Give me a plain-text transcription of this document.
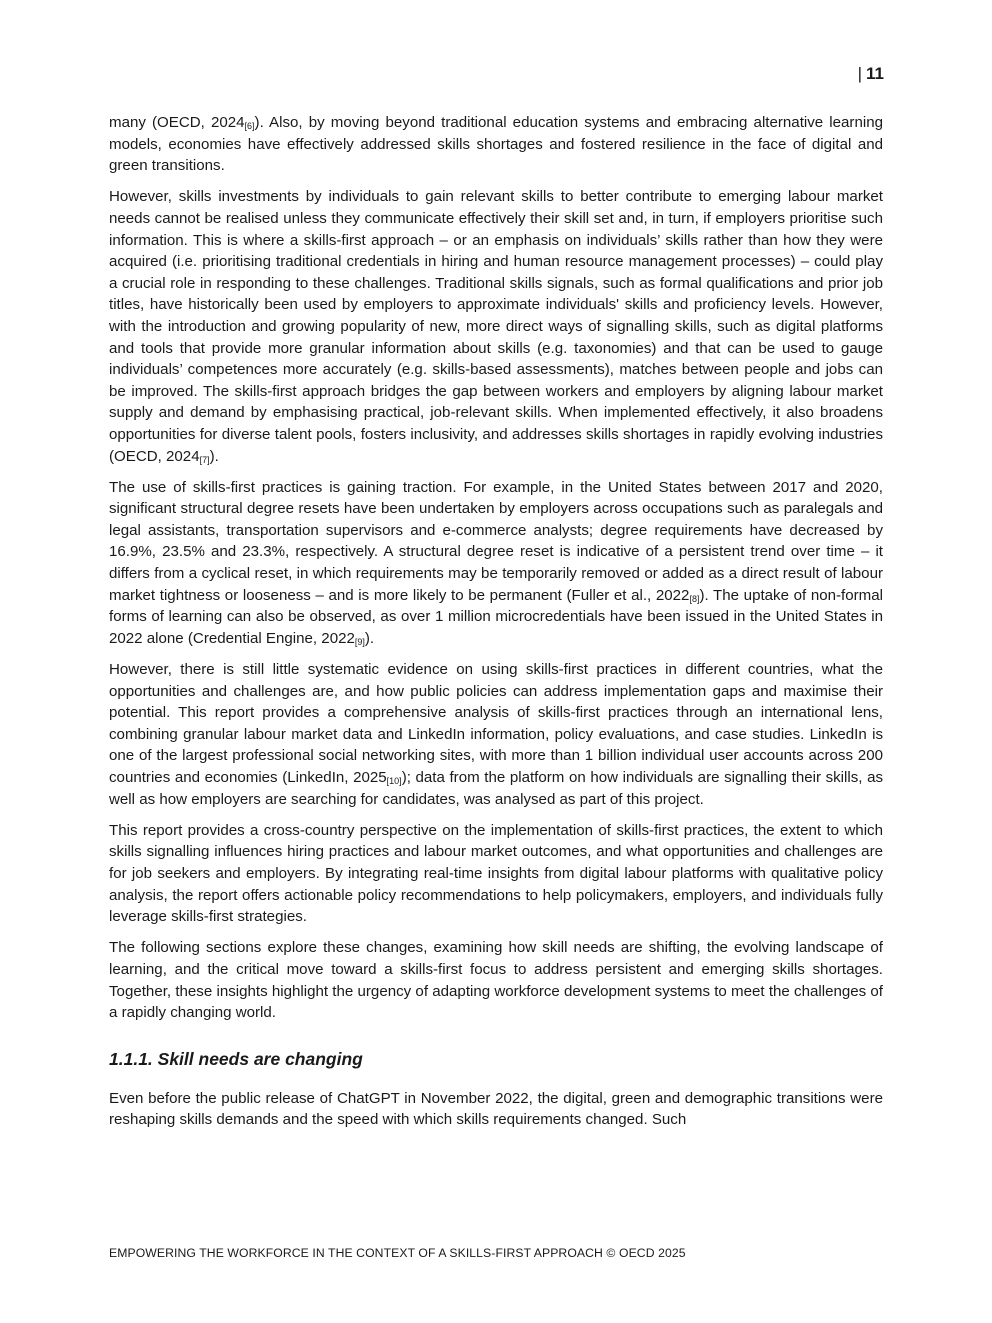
| 11

many (OECD, $2024_{[6]}$). Also, by moving beyond traditional education systems and embracing alternative learning models, economies have effectively addressed skills shortages and fostered resilience in the face of digital and green transitions.

However, skills investments by individuals to gain relevant skills to better contribute to emerging labour market needs cannot be realised unless they communicate effectively their skill set and, in turn, if employers prioritise such information. This is where a skills-first approach – or an emphasis on individuals’ skills rather than how they were acquired (i.e. prioritising traditional credentials in hiring and human resource management processes) – could play a crucial role in responding to these challenges. Traditional skills signals, such as formal qualifications and prior job titles, have historically been used by employers to approximate individuals' skills and proficiency levels. However, with the introduction and growing popularity of new, more direct ways of signalling skills, such as digital platforms and tools that provide more granular information about skills (e.g. taxonomies) and that can be used to gauge individuals’ competences more accurately (e.g. skills-based assessments), matches between people and jobs can be improved. The skills-first approach bridges the gap between workers and employers by aligning labour market supply and demand by emphasising practical, job-relevant skills. When implemented effectively, it also broadens opportunities for diverse talent pools, fosters inclusivity, and addresses skills shortages in rapidly evolving industries (OECD, $2024_{[7]}$).

The use of skills-first practices is gaining traction. For example, in the United States between 2017 and 2020, significant structural degree resets have been undertaken by employers across occupations such as paralegals and legal assistants, transportation supervisors and e-commerce analysts; degree requirements have decreased by 16.9%, 23.5% and 23.3%, respectively. A structural degree reset is indicative of a persistent trend over time – it differs from a cyclical reset, in which requirements may be temporarily removed or added as a direct result of labour market tightness or looseness – and is more likely to be permanent (Fuller et al., $2022_{[8]}$). The uptake of non-formal forms of learning can also be observed, as over 1 million microcredentials have been issued in the United States in 2022 alone (Credential Engine, $2022_{[9]}$).

However, there is still little systematic evidence on using skills-first practices in different countries, what the opportunities and challenges are, and how public policies can address implementation gaps and maximise their potential. This report provides a comprehensive analysis of skills-first practices through an international lens, combining granular labour market data and LinkedIn information, policy evaluations, and case studies. LinkedIn is one of the largest professional social networking sites, with more than 1 billion individual user accounts across 200 countries and economies (LinkedIn, $2025_{[10]}$); data from the platform on how individuals are signalling their skills, as well as how employers are searching for candidates, was analysed as part of this project.

This report provides a cross-country perspective on the implementation of skills-first practices, the extent to which skills signalling influences hiring practices and labour market outcomes, and what opportunities and challenges are for job seekers and employers. By integrating real-time insights from digital labour platforms with qualitative policy analysis, the report offers actionable policy recommendations to help policymakers, employers, and individuals fully leverage skills-first strategies.

The following sections explore these changes, examining how skill needs are shifting, the evolving landscape of learning, and the critical move toward a skills-first focus to address persistent and emerging skills shortages. Together, these insights highlight the urgency of adapting workforce development systems to meet the challenges of a rapidly changing world.

1.1.1. Skill needs are changing

Even before the public release of ChatGPT in November 2022, the digital, green and demographic transitions were reshaping skills demands and the speed with which skills requirements changed. Such

EMPOWERING THE WORKFORCE IN THE CONTEXT OF A SKILLS-FIRST APPROACH © OECD 2025
